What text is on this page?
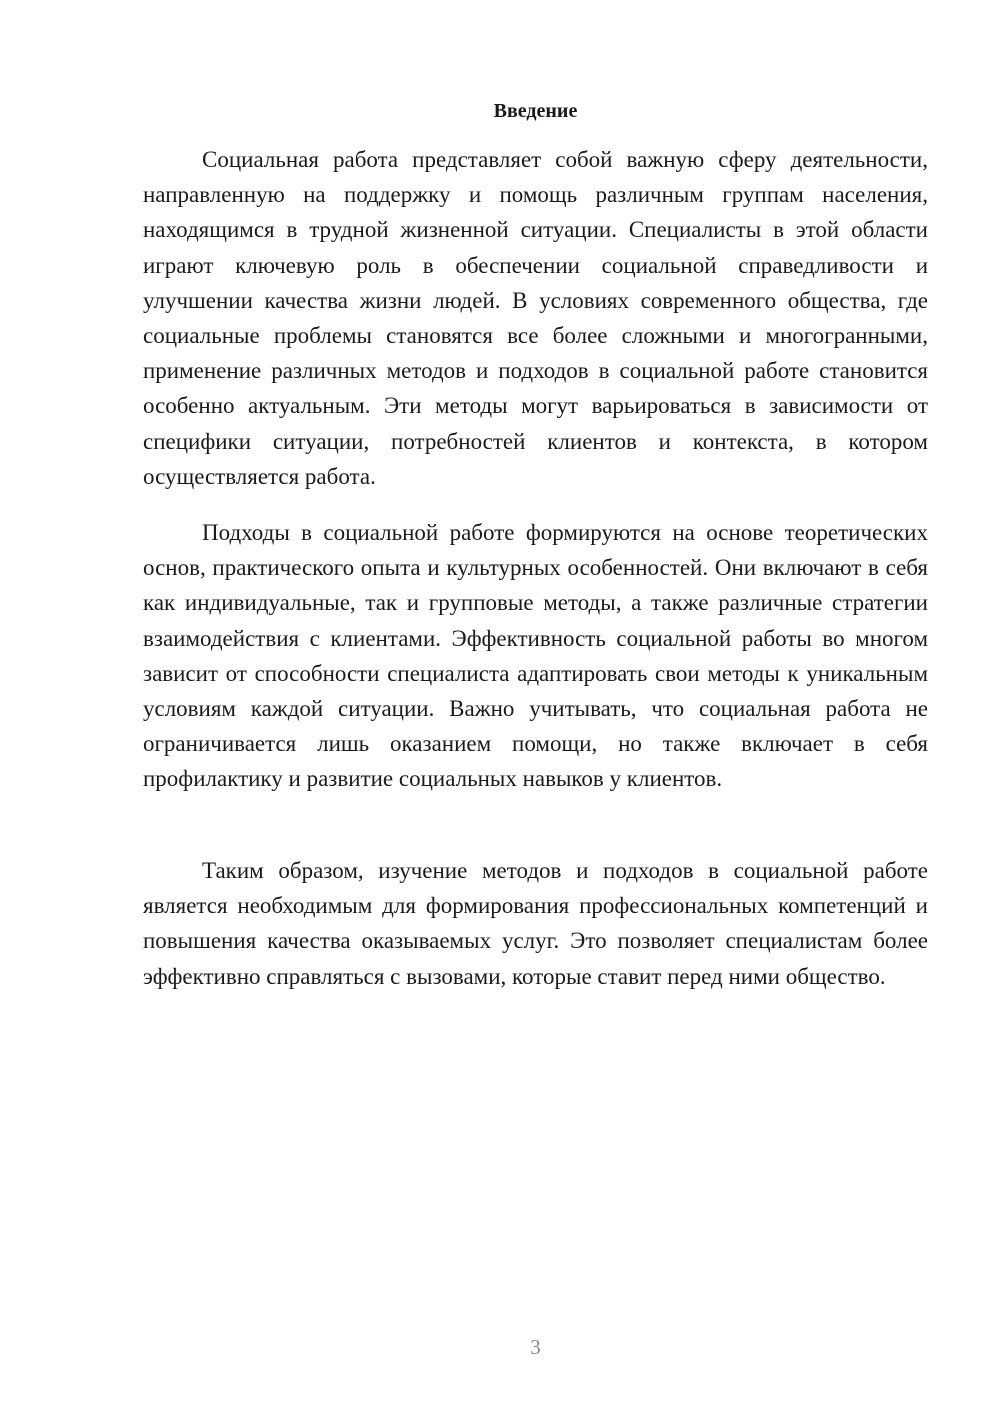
Введение

Социальная работа представляет собой важную сферу деятельности, направленную на поддержку и помощь различным группам населения, находящимся в трудной жизненной ситуации. Специалисты в этой области играют ключевую роль в обеспечении социальной справедливости и улучшении качества жизни людей. В условиях современного общества, где социальные проблемы становятся все более сложными и многогранными, применение различных методов и подходов в социальной работе становится особенно актуальным. Эти методы могут варьироваться в зависимости от специфики ситуации, потребностей клиентов и контекста, в котором осуществляется работа.

Подходы в социальной работе формируются на основе теоретических основ, практического опыта и культурных особенностей. Они включают в себя как индивидуальные, так и групповые методы, а также различные стратегии взаимодействия с клиентами. Эффективность социальной работы во многом зависит от способности специалиста адаптировать свои методы к уникальным условиям каждой ситуации. Важно учитывать, что социальная работа не ограничивается лишь оказанием помощи, но также включает в себя профилактику и развитие социальных навыков у клиентов.

Таким образом, изучение методов и подходов в социальной работе является необходимым для формирования профессиональных компетенций и повышения качества оказываемых услуг. Это позволяет специалистам более эффективно справляться с вызовами, которые ставит перед ними общество.

3
